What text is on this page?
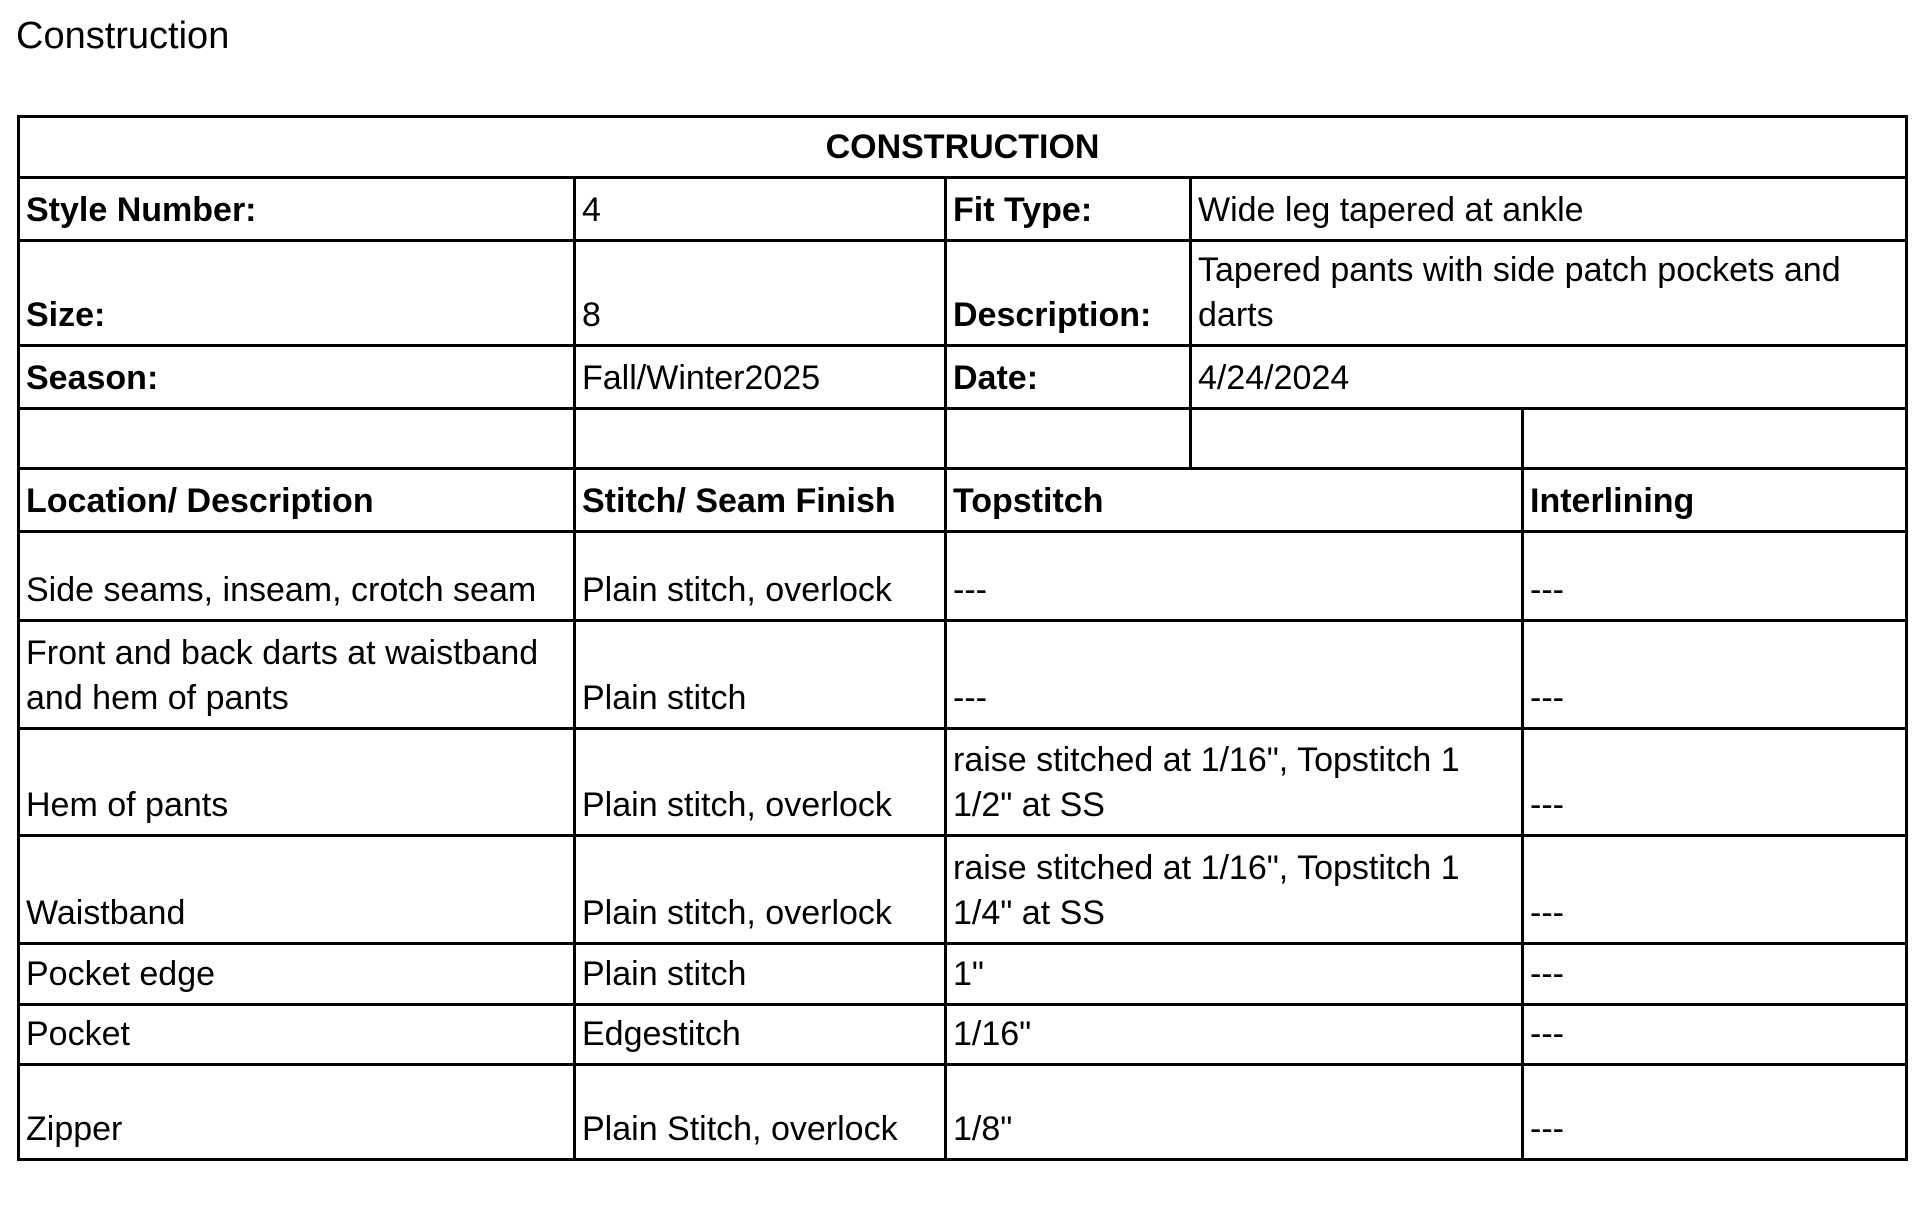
Construction
CONSTRUCTION				
Style Number:	4	Fit Type:	Wide leg tapered at ankle	
Size:	8	Description:	Tapered pants with side patch pockets and darts	
Season:	Fall/Winter2025	Date:	4/24/2024	

Location/ Description	Stitch/ Seam Finish	Topstitch		Interlining
Side seams, inseam, crotch seam	Plain stitch, overlock	---		---
Front and back darts at waistband and hem of pants	Plain stitch	---		---
Hem of pants	Plain stitch, overlock	raise stitched at 1/16", Topstitch 1 1/2" at SS		---
Waistband	Plain stitch, overlock	raise stitched at 1/16", Topstitch 1 1/4" at SS		---
Pocket edge	Plain stitch	1"		---
Pocket	Edgestitch	1/16"		---
Zipper	Plain Stitch, overlock	1/8"		---
